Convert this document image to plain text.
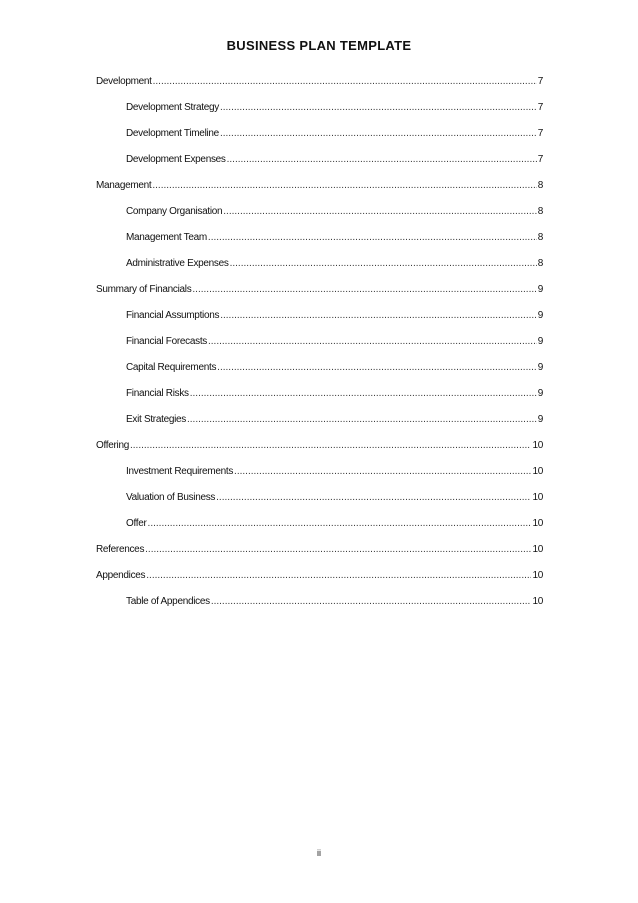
BUSINESS PLAN TEMPLATE
Development .....	7
Development Strategy .....	7
Development Timeline .....	7
Development Expenses .....	7
Management .....	8
Company Organisation .....	8
Management Team .....	8
Administrative Expenses .....	8
Summary of Financials .....	9
Financial Assumptions .....	9
Financial Forecasts .....	9
Capital Requirements .....	9
Financial Risks .....	9
Exit Strategies .....	9
Offering .....	10
Investment Requirements .....	10
Valuation of Business .....	10
Offer .....	10
References .....	10
Appendices .....	10
Table of Appendices .....	10
ii
